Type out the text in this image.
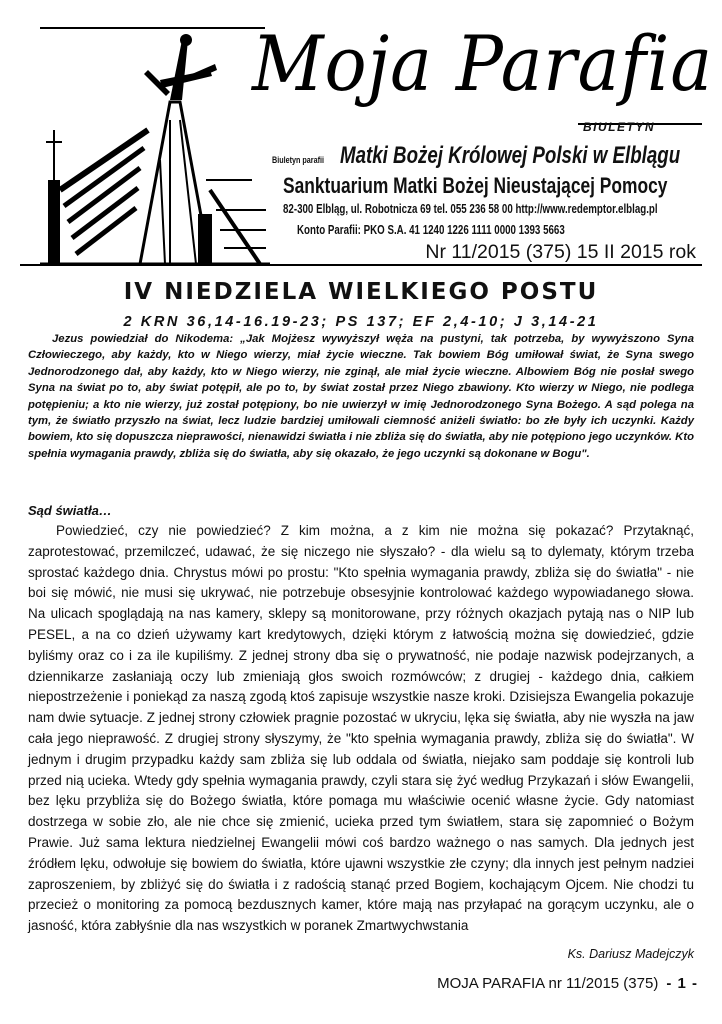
Moja Parafia
BIULETYN
Biuletyn parafii Matki Bożej Królowej Polski w Elblągu
Sanktuarium Matki Bożej Nieustającej Pomocy
82-300 Elbląg, ul. Robotnicza 69 tel. 055 236 58 00 http://www.redemptor.elblag.pl
Konto Parafii: PKO S.A. 41 1240 1226 1111 0000 1393 5663
Nr 11/2015 (375) 15 II 2015 rok
IV NIEDZIELA WIELKIEGO POSTU
2 KRN 36,14-16.19-23; PS 137; EF 2,4-10; J 3,14-21

Jezus powiedział do Nikodema: „Jak Mojżesz wywyższył węża na pustyni, tak potrzeba, by wywyższono Syna Człowieczego, aby każdy, kto w Niego wierzy, miał życie wieczne. Tak bowiem Bóg umiłował świat, że Syna swego Jednorodzonego dał, aby każdy, kto w Niego wierzy, nie zginął, ale miał życie wieczne. Albowiem Bóg nie posłał swego Syna na świat po to, aby świat potępił, ale po to, by świat został przez Niego zbawiony. Kto wierzy w Niego, nie podlega potępieniu; a kto nie wierzy, już został potępiony, bo nie uwierzył w imię Jednorodzonego Syna Bożego. A sąd polega na tym, że światło przyszło na świat, lecz ludzie bardziej umiłowali ciemność aniżeli światło: bo złe były ich uczynki. Każdy bowiem, kto się dopuszcza nieprawości, nienawidzi światła i nie zbliża się do światła, aby nie potępiono jego uczynków. Kto spełnia wymagania prawdy, zbliża się do światła, aby się okazało, że jego uczynki są dokonane w Bogu".

Sąd światła…

Powiedzieć, czy nie powiedzieć? Z kim można, a z kim nie można się pokazać? Przytaknąć, zaprotestować, przemilczeć, udawać, że się niczego nie słyszało? - dla wielu są to dylematy, którym trzeba sprostać każdego dnia. Chrystus mówi po prostu: "Kto spełnia wymagania prawdy, zbliża się do światła" - nie boi się mówić, nie musi się ukrywać, nie potrzebuje obsesyjnie kontrolować każdego wypowiadanego słowa. Na ulicach spoglądają na nas kamery, sklepy są monitorowane, przy różnych okazjach pytają nas o NIP lub PESEL, a na co dzień używamy kart kredytowych, dzięki którym z łatwością można się dowiedzieć, gdzie byliśmy oraz co i za ile kupiliśmy. Z jednej strony dba się o prywatność, nie podaje nazwisk podejrzanych, a dziennikarze zasłaniają oczy lub zmieniają głos swoich rozmówców; z drugiej - każdego dnia, całkiem niepostrzeżenie i poniekąd za naszą zgodą ktoś zapisuje wszystkie nasze kroki. Dzisiejsza Ewangelia pokazuje nam dwie sytuacje. Z jednej strony człowiek pragnie pozostać w ukryciu, lęka się światła, aby nie wyszła na jaw cała jego nieprawość. Z drugiej strony słyszymy, że "kto spełnia wymagania prawdy, zbliża się do światła". W jednym i drugim przypadku każdy sam zbliża się lub oddala od światła, niejako sam poddaje się kontroli lub przed nią ucieka. Wtedy gdy spełnia wymagania prawdy, czyli stara się żyć według Przykazań i słów Ewangelii, bez lęku przybliża się do Bożego światła, które pomaga mu właściwie ocenić własne życie. Gdy natomiast dostrzega w sobie zło, ale nie chce się zmienić, ucieka przed tym światłem, stara się zapomnieć o Bożym Prawie. Już sama lektura niedzielnej Ewangelii mówi coś bardzo ważnego o nas samych. Dla jednych jest źródłem lęku, odwołuje się bowiem do światła, które ujawni wszystkie złe czyny; dla innych jest pełnym nadziei zaproszeniem, by zbliżyć się do światła i z radością stanąć przed Bogiem, kochającym Ojcem. Nie chodzi tu przecież o monitoring za pomocą bezdusznych kamer, które mają nas przyłapać na gorącym uczynku, ale o jasność, która zabłyśnie dla nas wszystkich w poranek Zmartwychwstania

Ks. Dariusz Madejczyk
MOJA PARAFIA nr 11/2015 (375) - 1 -
